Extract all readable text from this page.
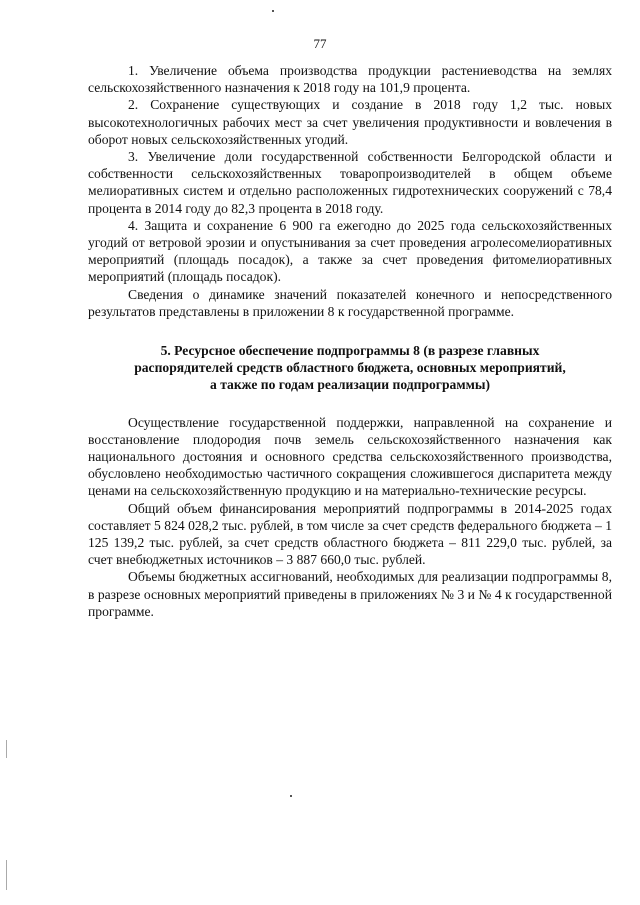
77

1. Увеличение объема производства продукции растениеводства на землях сельскохозяйственного назначения к 2018 году на 101,9 процента.

2. Сохранение существующих и создание в 2018 году 1,2 тыс. новых высокотехнологичных рабочих мест за счет увеличения продуктивности и вовлечения в оборот новых сельскохозяйственных угодий.

3. Увеличение доли государственной собственности Белгородской области и собственности сельскохозяйственных товаропроизводителей в общем объеме мелиоративных систем и отдельно расположенных гидротехнических сооружений с 78,4 процента в 2014 году до 82,3 процента в 2018 году.

4. Защита и сохранение 6 900 га ежегодно до 2025 года сельскохозяйственных угодий от ветровой эрозии и опустынивания за счет проведения агролесомелиоративных мероприятий (площадь посадок), а также за счет проведения фитомелиоративных мероприятий (площадь посадок).

Сведения о динамике значений показателей конечного и непосредственного результатов представлены в приложении 8 к государственной программе.

5. Ресурсное обеспечение подпрограммы 8 (в разрезе главных
распорядителей средств областного бюджета, основных мероприятий,
а также по годам реализации подпрограммы)

Осуществление государственной поддержки, направленной на сохранение и восстановление плодородия почв земель сельскохозяйственного назначения как национального достояния и основного средства сельскохозяйственного производства, обусловлено необходимостью частичного сокращения сложившегося диспаритета между ценами на сельскохозяйственную продукцию и на материально-технические ресурсы.

Общий объем финансирования мероприятий подпрограммы в 2014-2025 годах составляет 5 824 028,2 тыс. рублей, в том числе за счет средств федерального бюджета – 1 125 139,2 тыс. рублей, за счет средств областного бюджета – 811 229,0 тыс. рублей, за счет внебюджетных источников – 3 887 660,0 тыс. рублей.

Объемы бюджетных ассигнований, необходимых для реализации подпрограммы 8, в разрезе основных мероприятий приведены в приложениях № 3 и № 4 к государственной программе.
